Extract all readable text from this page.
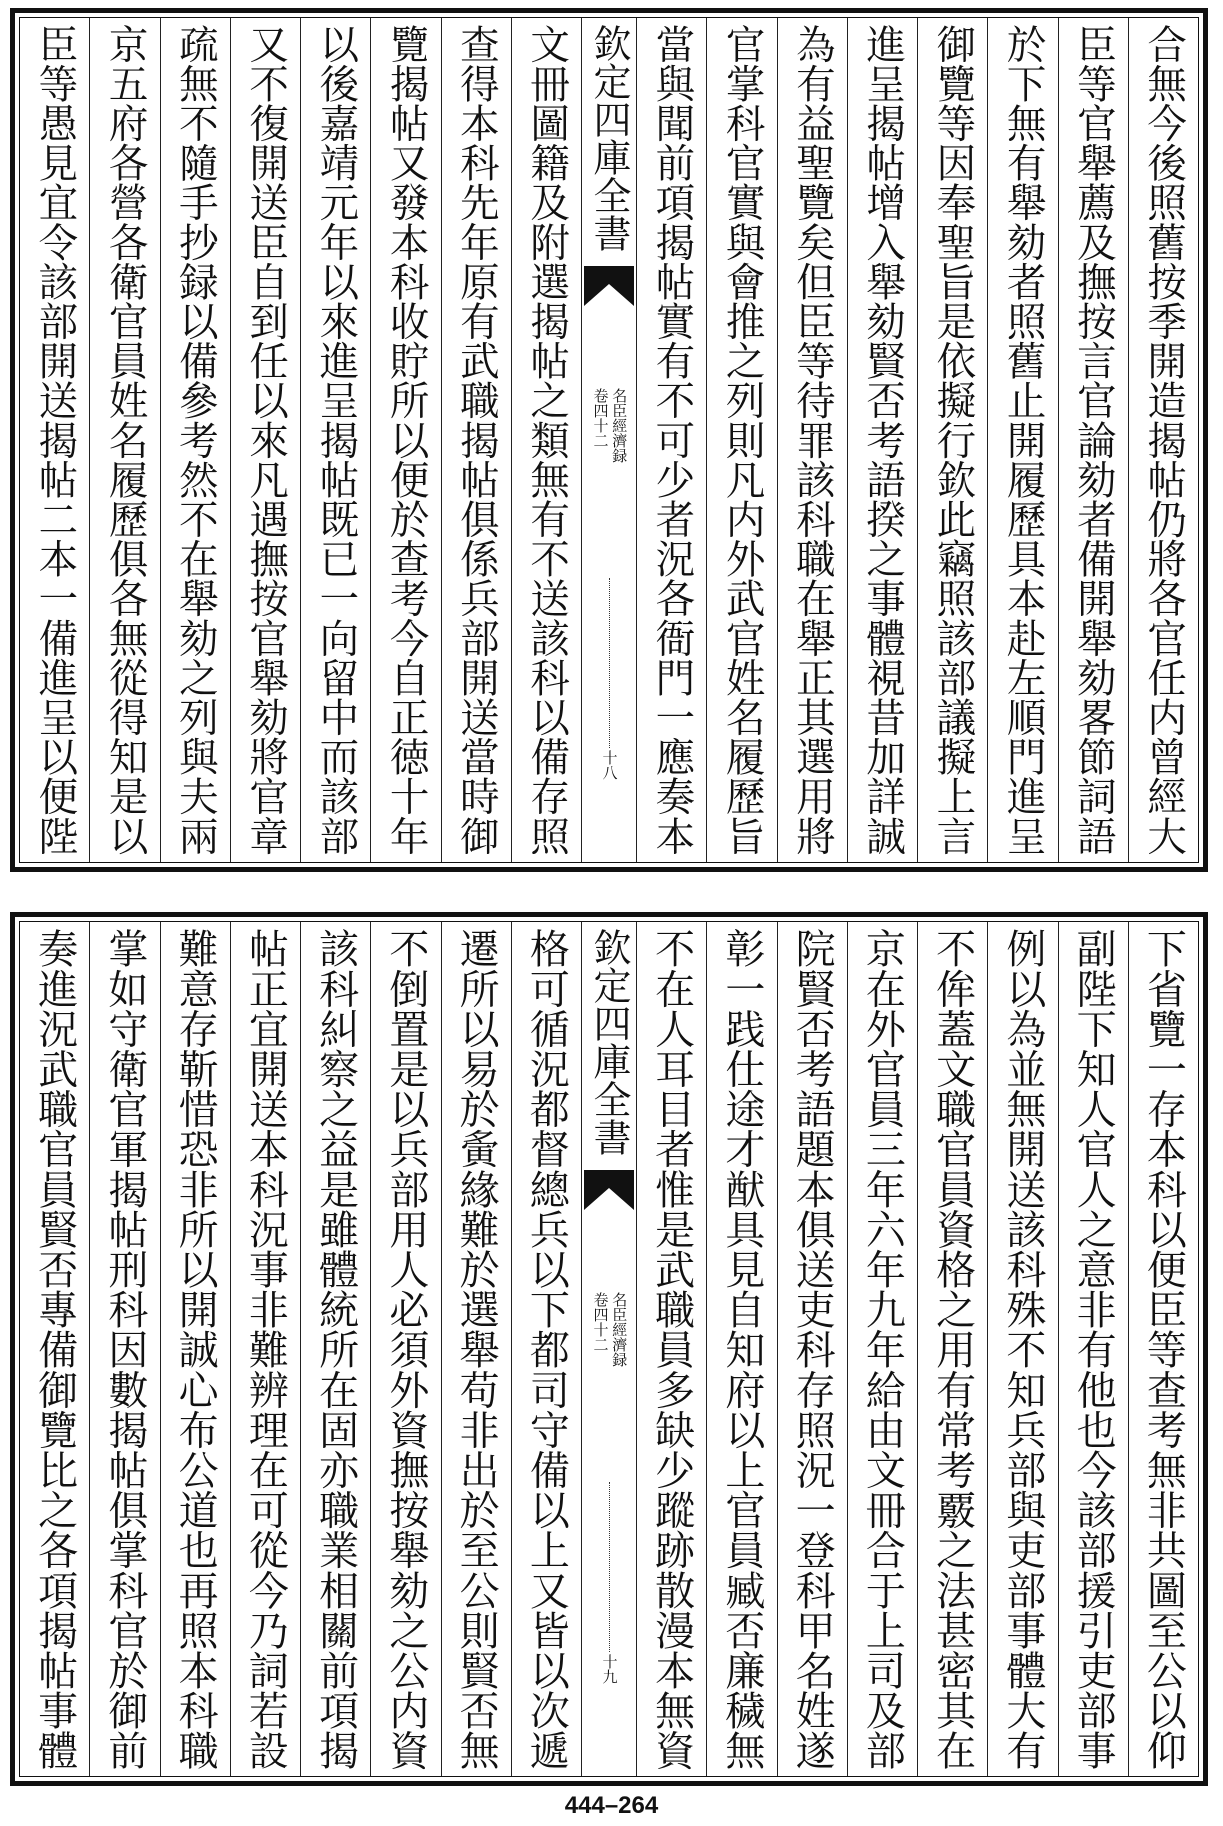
合無今後照舊按季開造揭帖仍將各官任内曾經大
臣等官舉薦及撫按言官論劾者備開舉劾畧節詞語
於下無有舉劾者照舊止開履歷具本赴左順門進呈
御覽等因奉聖旨是依擬行欽此竊照該部議擬上言
進呈揭帖增入舉劾賢否考語揆之事體視昔加詳誠
為有益聖覽矣但臣等待罪該科職在舉正其選用將
官掌科官實與會推之列則凡内外武官姓名履歷旨
當與聞前項揭帖實有不可少者況各衙門一應奏本
欽定四庫全書
名臣經濟録
卷四十二
十八
文冊圖籍及附選揭帖之類無有不送該科以備存照
查得本科先年原有武職揭帖俱係兵部開送當時御
覽揭帖又發本科收貯所以便於查考今自正徳十年
以後嘉靖元年以來進呈揭帖既已一向留中而該部
又不復開送臣自到任以來凡遇撫按官舉劾將官章
疏無不隨手抄録以備參考然不在舉劾之列與夫兩
京五府各營各衛官員姓名履歷俱各無從得知是以
臣等愚見宜令該部開送揭帖二本一備進呈以便陛
下省覽一存本科以便臣等查考無非共圖至公以仰
副陛下知人官人之意非有他也今該部援引吏部事
例以為並無開送該科殊不知兵部與吏部事體大有
不侔蓋文職官員資格之用有常考覈之法甚密其在
京在外官員三年六年九年給由文冊合于上司及部
院賢否考語題本俱送吏科存照況一登科甲名姓遂
彰一践仕途才猷具見自知府以上官員臧否廉穢無
不在人耳目者惟是武職員多缺少蹤跡散漫本無資
欽定四庫全書
名臣經濟録
卷四十二
十九
格可循況都督總兵以下都司守備以上又皆以次遞
遷所以易於夤緣難於選舉苟非出於至公則賢否無
不倒置是以兵部用人必須外資撫按舉劾之公内資
該科糾察之益是雖體統所在固亦職業相關前項揭
帖正宜開送本科況事非難辨理在可從今乃詞若設
難意存靳惜恐非所以開誠心布公道也再照本科職
掌如守衛官軍揭帖刑科因數揭帖俱掌科官於御前
奏進況武職官員賢否專備御覽比之各項揭帖事體
444–264
